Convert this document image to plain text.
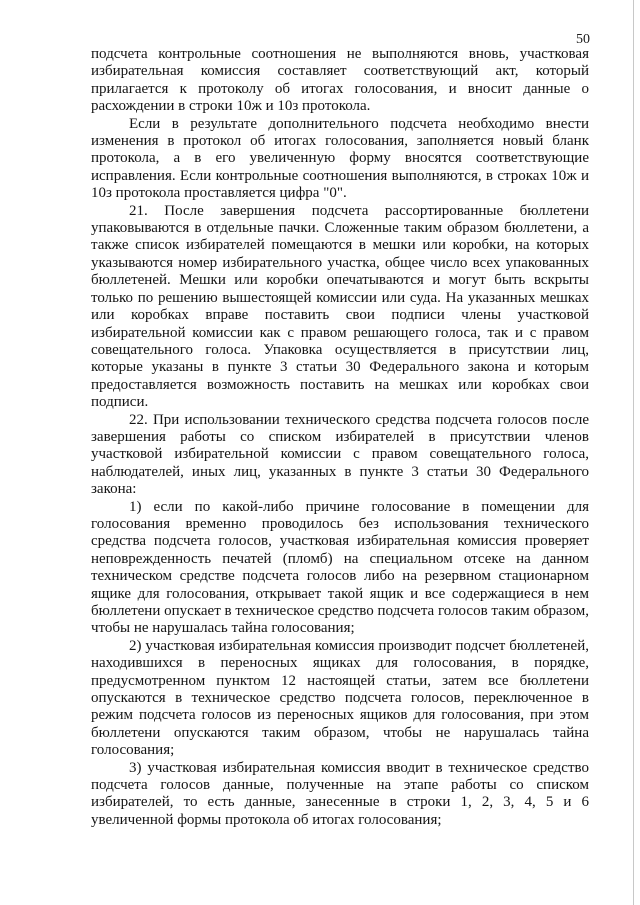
50

подсчета контрольные соотношения не выполняются вновь, участковая избирательная комиссия составляет соответствующий акт, который прилагается к протоколу об итогах голосования, и вносит данные о расхождении в строки 10ж и 10з протокола.

Если в результате дополнительного подсчета необходимо внести изменения в протокол об итогах голосования, заполняется новый бланк протокола, а в его увеличенную форму вносятся соответствующие исправления. Если контрольные соотношения выполняются, в строках 10ж и 10з протокола проставляется цифра "0".

21. После завершения подсчета рассортированные бюллетени упаковываются в отдельные пачки. Сложенные таким образом бюллетени, а также список избирателей помещаются в мешки или коробки, на которых указываются номер избирательного участка, общее число всех упакованных бюллетеней. Мешки или коробки опечатываются и могут быть вскрыты только по решению вышестоящей комиссии или суда. На указанных мешках или коробках вправе поставить свои подписи члены участковой избирательной комиссии как с правом решающего голоса, так и с правом совещательного голоса. Упаковка осуществляется в присутствии лиц, которые указаны в пункте 3 статьи 30 Федерального закона и которым предоставляется возможность поставить на мешках или коробках свои подписи.

22. При использовании технического средства подсчета голосов после завершения работы со списком избирателей в присутствии членов участковой избирательной комиссии с правом совещательного голоса, наблюдателей, иных лиц, указанных в пункте 3 статьи 30 Федерального закона:

1) если по какой-либо причине голосование в помещении для голосования временно проводилось без использования технического средства подсчета голосов, участковая избирательная комиссия проверяет неповрежденность печатей (пломб) на специальном отсеке на данном техническом средстве подсчета голосов либо на резервном стационарном ящике для голосования, открывает такой ящик и все содержащиеся в нем бюллетени опускает в техническое средство подсчета голосов таким образом, чтобы не нарушалась тайна голосования;

2) участковая избирательная комиссия производит подсчет бюллетеней, находившихся в переносных ящиках для голосования, в порядке, предусмотренном пунктом 12 настоящей статьи, затем все бюллетени опускаются в техническое средство подсчета голосов, переключенное в режим подсчета голосов из переносных ящиков для голосования, при этом бюллетени опускаются таким образом, чтобы не нарушалась тайна голосования;

3) участковая избирательная комиссия вводит в техническое средство подсчета голосов данные, полученные на этапе работы со списком избирателей, то есть данные, занесенные в строки 1, 2, 3, 4, 5 и 6 увеличенной формы протокола об итогах голосования;
